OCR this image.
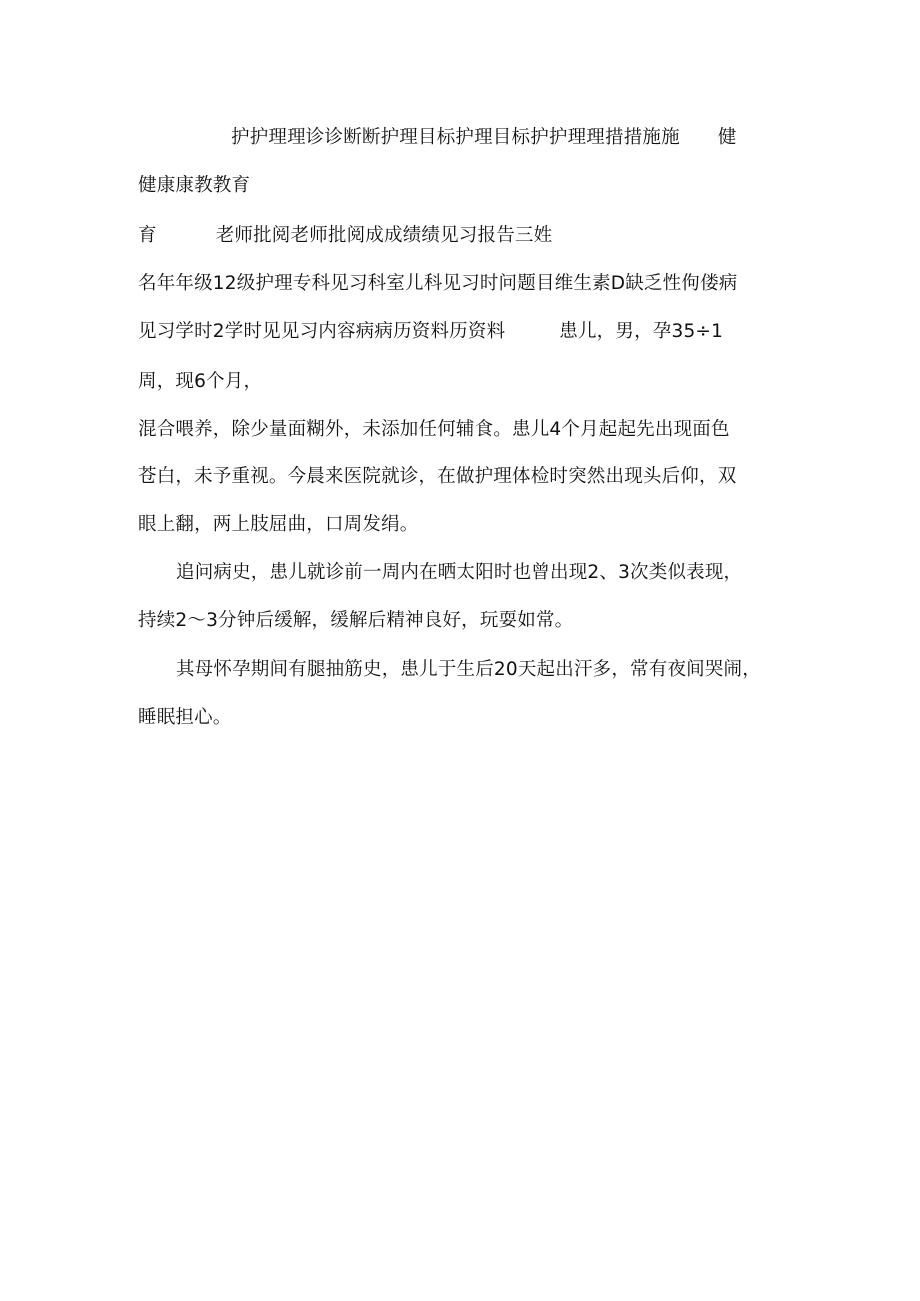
护护理理诊诊断断护理目标护理目标护护理理措措施施 健
健康康教教育
育	老师批阅老师批阅成成绩绩见习报告三姓
名年年级12级护理专科见习科室儿科见习时问题目维生素D缺乏性佝偻病
见习学时2学时见见习内容病病历资料历资料	患儿，男，孕35÷1
周，现6个月，
混合喂养，除少量面糊外，未添加任何辅食。患儿4个月起起先出现面色
苍白，未予重视。今晨来医院就诊，在做护理体检时突然出现头后仰，双
眼上翻，两上肢屈曲，口周发绢。
追问病史，患儿就诊前一周内在晒太阳时也曾出现2、3次类似表现，
持续2〜3分钟后缓解，缓解后精神良好，玩耍如常。
其母怀孕期间有腿抽筋史，患儿于生后20天起出汗多，常有夜间哭闹，
睡眠担心。
